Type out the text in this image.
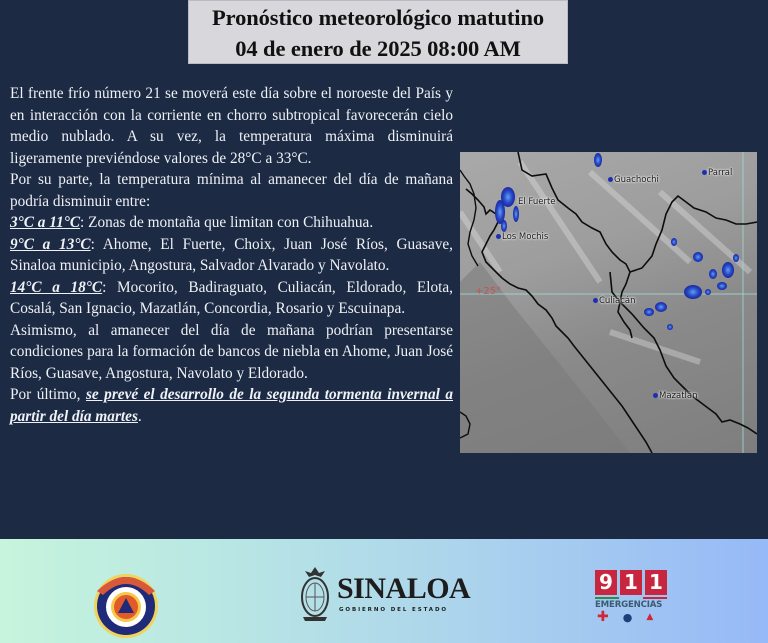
Pronóstico meteorológico matutino
04 de enero de 2025 08:00 AM

El frente frío número 21 se moverá este día sobre el noroeste del País y en interacción con la corriente en chorro subtropical favorecerán cielo medio nublado. A su vez, la temperatura máxima disminuirá ligeramente previéndose valores de 28°C a 33°C.

Por su parte, la temperatura mínima al amanecer del día de mañana podría disminuir entre:

3°C a 11°C: Zonas de montaña que limitan con Chihuahua.

9°C a 13°C: Ahome, El Fuerte, Choix, Juan José Ríos, Guasave, Sinaloa municipio, Angostura, Salvador Alvarado y Navolato.

14°C a 18°C: Mocorito, Badiraguato, Culiacán, Eldorado, Elota, Cosalá, San Ignacio, Mazatlán, Concordia, Rosario y Escuinapa.

Asimismo, al amanecer del día de mañana podrían presentarse condiciones para la formación de bancos de niebla en Ahome, Juan José Ríos, Guasave, Angostura, Navolato y Eldorado.

Por último, se prevé el desarrollo de la segunda tormenta invernal a partir del día martes.

Guachochi
Parral
El Fuerte
Los Mochis
Culiacán
Mazatlán
+25°
SINALOA
GOBIERNO DEL ESTADO
9 1 1
EMERGENCIAS
✚ ● ▲
